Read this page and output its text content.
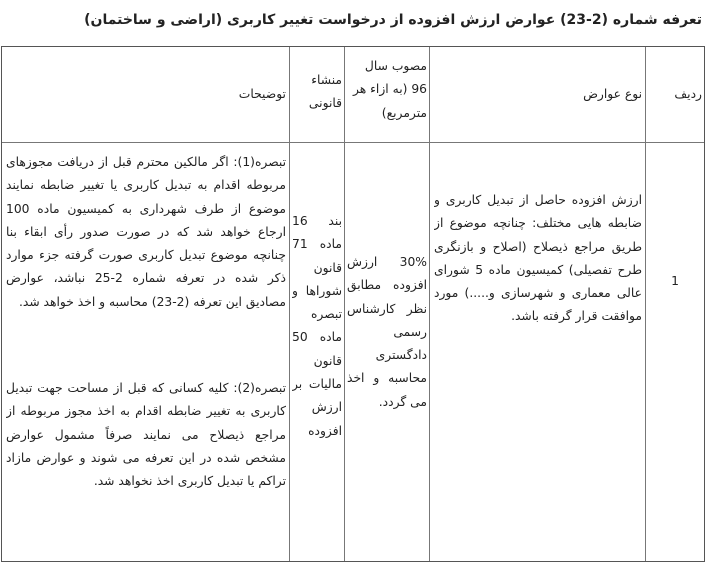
تعرفه شماره (2-23) عوارض ارزش افزوده از درخواست تغییر کاربری (اراضی و ساختمان)
ردیف
نوع عوارض
مصوب سال 96 (به ازاء هر مترمربع)
منشاء قانونی
توضیحات
1
ارزش افزوده حاصل از تبدیل کاربری و ضابطه هایی مختلف: چنانچه موضوع از طریق مراجع ذیصلاح (اصلاح و بازنگری طرح تفصیلی) کمیسیون ماده 5 شورای عالی معماری و شهرسازی و.....) مورد موافقت قرار گرفته باشد.
30% ارزش افزوده مطابق نظر کارشناس رسمی دادگستری محاسبه و اخذ می گردد.
بند 16 ماده 71 قانون شوراها و تبصره ماده 50 قانون مالیات بر ارزش افزوده
تبصره(1): اگر مالکین محترم قبل از دریافت مجوزهای مربوطه اقدام به تبدیل کاربری یا تغییر ضابطه نمایند موضوع از طرف شهرداری به کمیسیون ماده 100 ارجاع خواهد شد که در صورت صدور رأی ابقاء بنا چنانچه موضوع تبدیل کاربری صورت گرفته جزء موارد ذکر شده در تعرفه شماره 2-25 نباشد، عوارض مصادیق این تعرفه (2-23) محاسبه و اخذ خواهد شد.
تبصره(2): کلیه کسانی که قبل از مساحت جهت تبدیل کاربری به تغییر ضابطه اقدام به اخذ مجوز مربوطه از مراجع ذیصلاح می نمایند صرفاً مشمول عوارض مشخص شده در این تعرفه می شوند و عوارض مازاد تراکم یا تبدیل کاربری اخذ نخواهد شد.
